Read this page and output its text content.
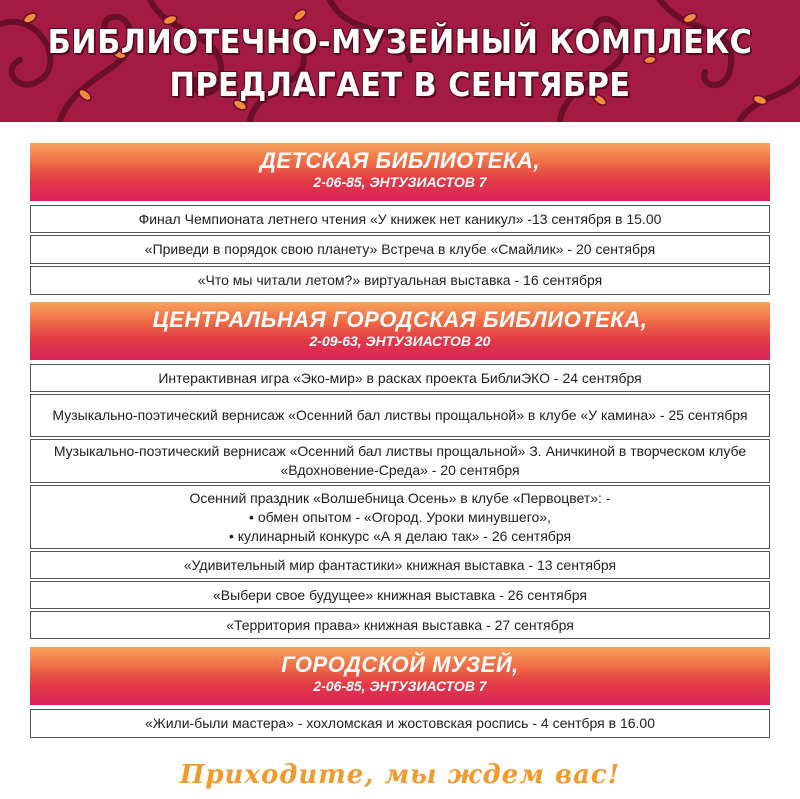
БИБЛИОТЕЧНО-МУЗЕЙНЫЙ КОМПЛЕКС
ПРЕДЛАГАЕТ В СЕНТЯБРЕ
ДЕТСКАЯ БИБЛИОТЕКА,
2-06-85, ЭНТУЗИАСТОВ 7
Финал Чемпионата летнего чтения «У книжек нет каникул» -13 сентября в 15.00
«Приведи в порядок свою планету» Встреча в клубе «Смайлик» - 20 сентября
«Что мы читали летом?» виртуальная выставка - 16 сентября
ЦЕНТРАЛЬНАЯ ГОРОДСКАЯ БИБЛИОТЕКА,
2-09-63, ЭНТУЗИАСТОВ 20
Интерактивная игра «Эко-мир» в расках проекта БиблиЭКО - 24 сентября
Музыкально-поэтический вернисаж «Осенний бал листвы прощальной» в клубе «У камина» - 25 сентября
Музыкально-поэтический вернисаж «Осенний бал листвы прощальной» З. Аничкиной в творческом клубе «Вдохновение-Среда» - 20 сентября
Осенний праздник «Волшебница Осень» в клубе «Первоцвет»: -
• обмен опытом - «Огород. Уроки минувшего»,
• кулинарный конкурс «А я делаю так» - 26 сентября
«Удивительный мир фантастики» книжная выставка - 13 сентября
«Выбери свое будущее» книжная выставка - 26 сентября
«Территория права» книжная выставка - 27 сентября
ГОРОДСКОЙ МУЗЕЙ,
2-06-85, ЭНТУЗИАСТОВ 7
«Жили-были мастера» - хохломская и жостовская роспись - 4 сентбря в 16.00
Приходите, мы ждем вас!
